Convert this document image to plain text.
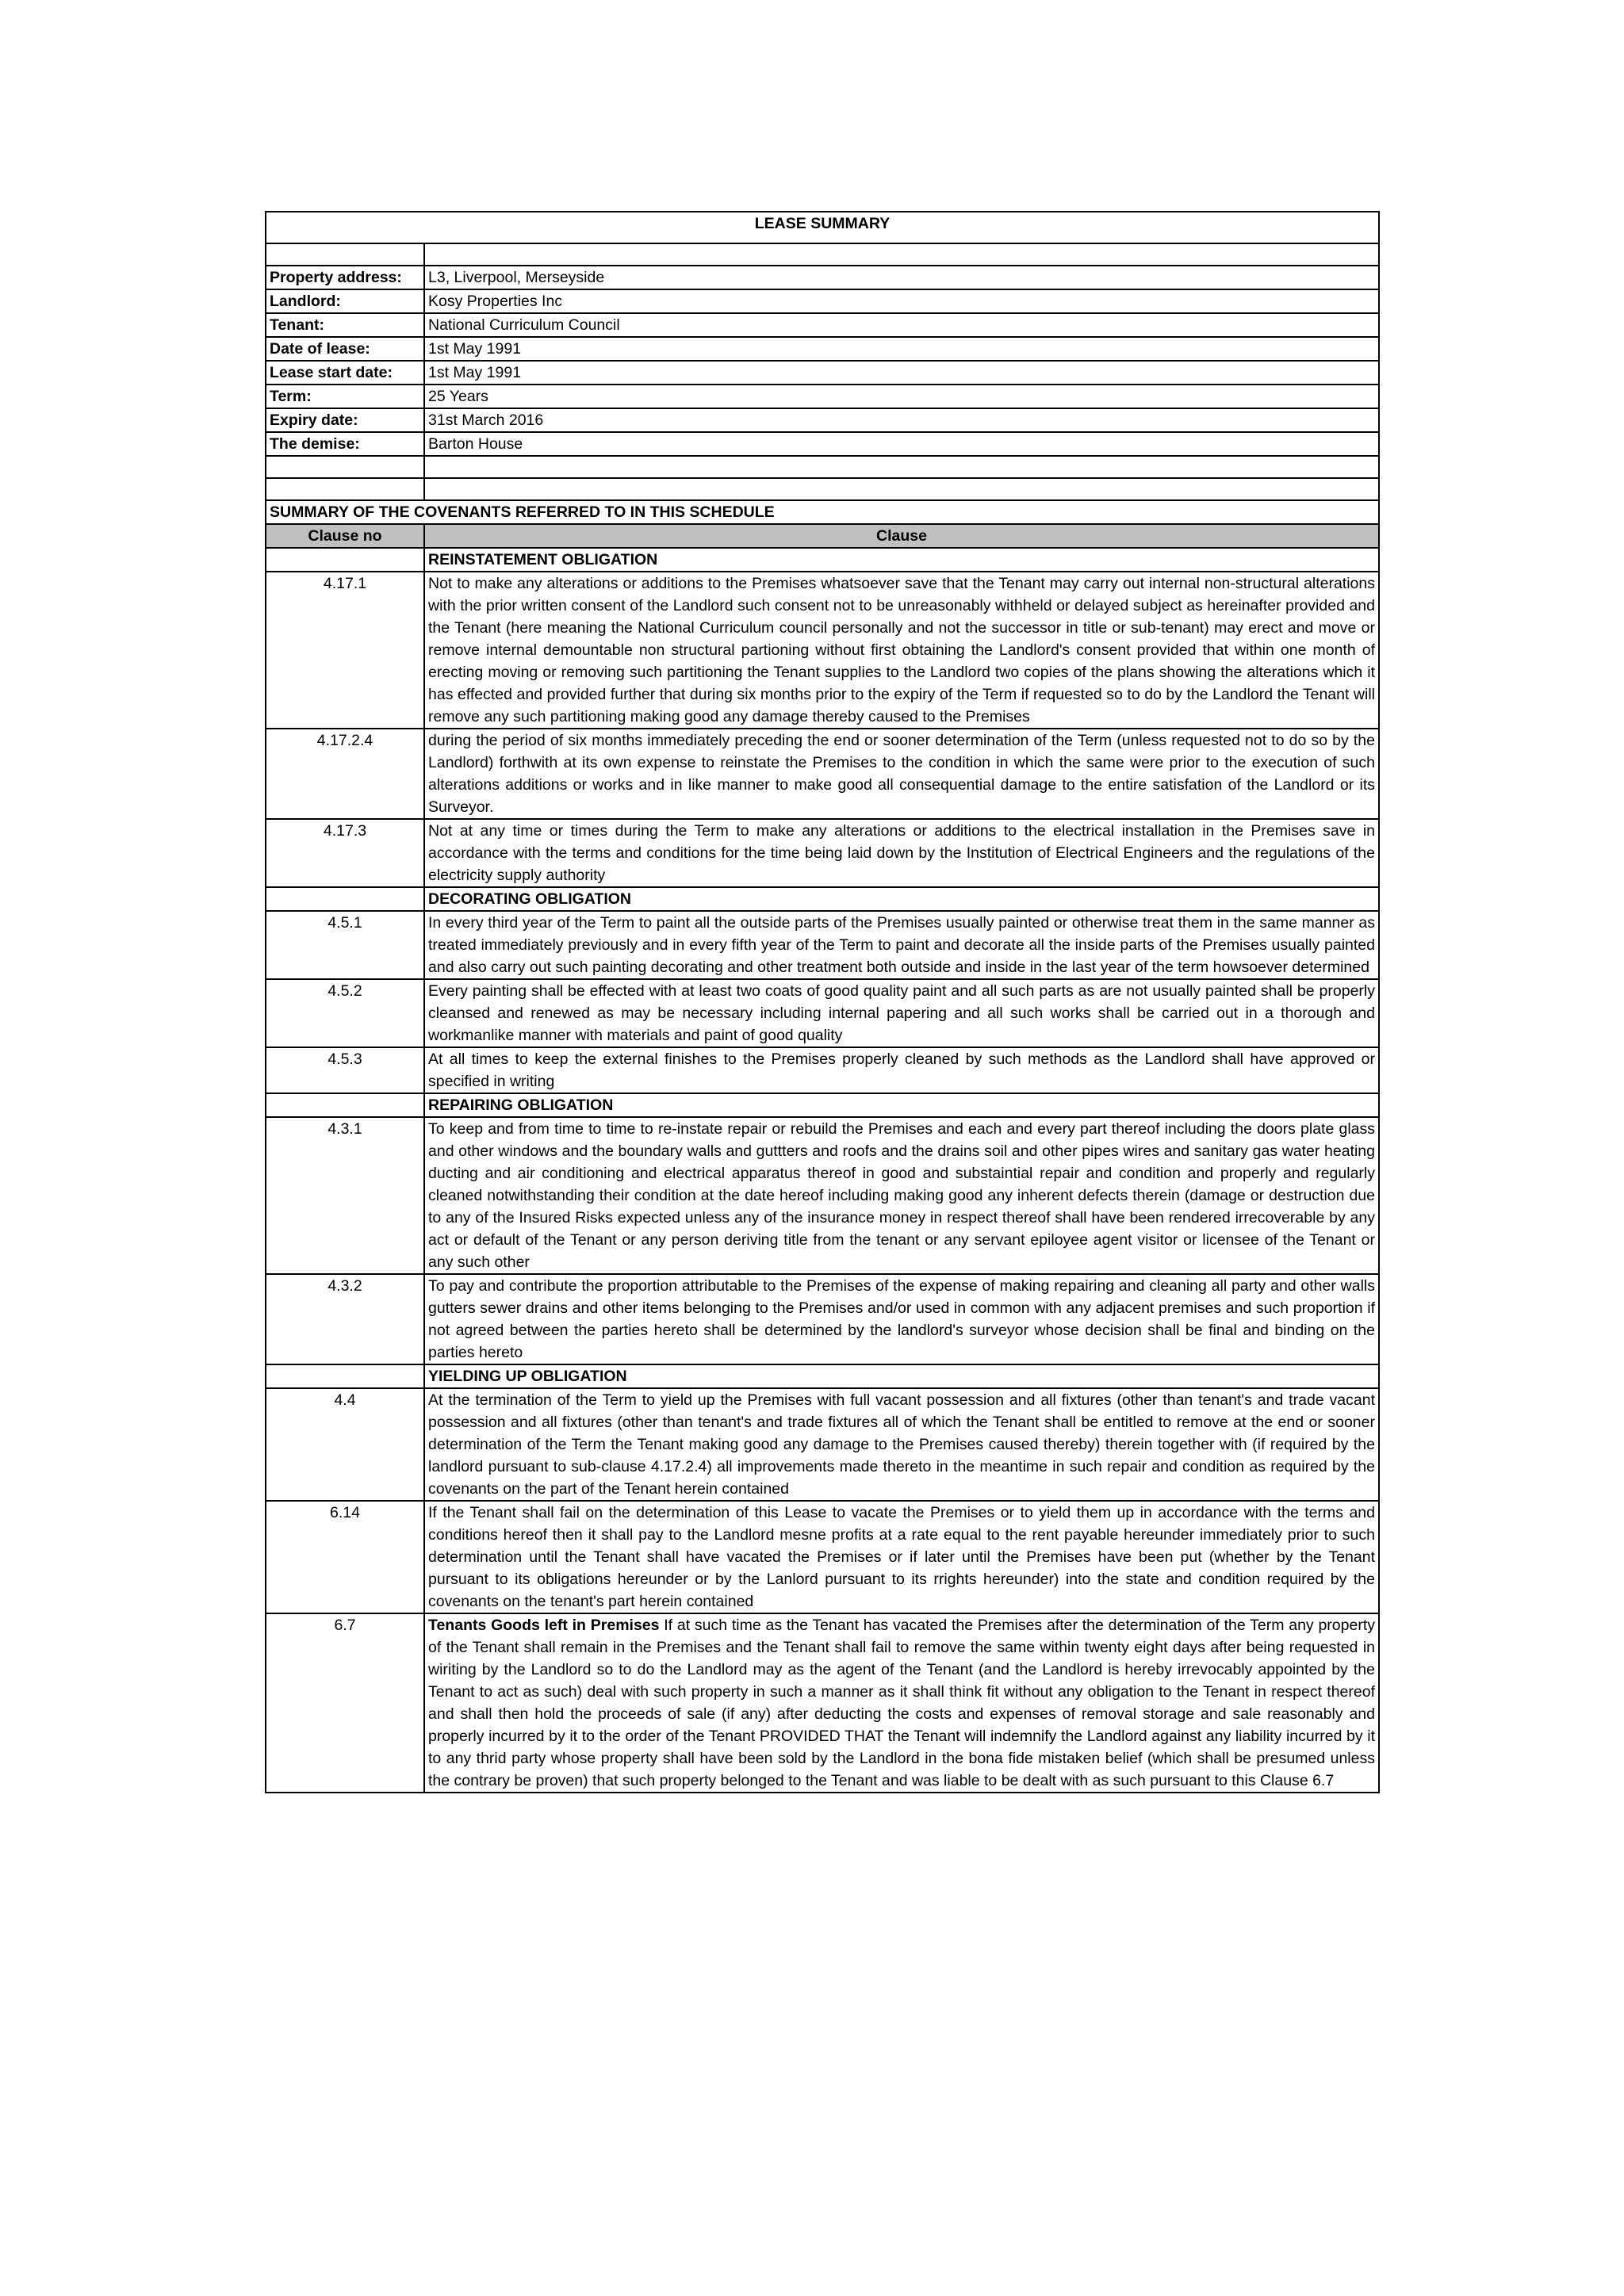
LEASE SUMMARY	

Property address:	L3, Liverpool, Merseyside
Landlord:	Kosy Properties Inc
Tenant:	National Curriculum Council
Date of lease:	1st May 1991
Lease start date:	1st May 1991
Term:	25 Years
Expiry date:	31st March 2016
The demise:	Barton House

SUMMARY OF THE COVENANTS REFERRED TO IN THIS SCHEDULE	
Clause no	Clause
	REINSTATEMENT OBLIGATION
4.17.1	Not to make any alterations or additions to the Premises whatsoever save that the Tenant may carry out internal non-structural alterations with the prior written consent of the Landlord such consent not to be unreasonably withheld or delayed subject as hereinafter provided and the Tenant (here meaning the National Curriculum council personally and not the successor in title or sub-tenant) may erect and move or remove internal demountable non structural partioning without first obtaining the Landlord's consent provided that within one month of erecting moving or removing such partitioning the Tenant supplies to the Landlord two copies of the plans showing the alterations which it has effected and provided further that during six months prior to the expiry of the Term if requested so to do by the Landlord the Tenant will remove any such partitioning making good any damage thereby caused to the Premises
4.17.2.4	during the period of six months immediately preceding the end or sooner determination of the Term (unless requested not to do so by the Landlord) forthwith at its own expense to reinstate the Premises to the condition in which the same were prior to the execution of such alterations additions or works and in like manner to make good all consequential damage to the entire satisfation of the Landlord or its Surveyor.
4.17.3	Not at any time or times during the Term to make any alterations or additions to the electrical installation in the Premises save in accordance with the terms and conditions for the time being laid down by the Institution of Electrical Engineers and the regulations of the electricity supply authority
	DECORATING OBLIGATION
4.5.1	In every third year of the Term to paint all the outside parts of the Premises usually painted or otherwise treat them in the same manner as treated immediately previously and in every fifth year of the Term to paint and decorate all the inside parts of the Premises usually painted and also carry out such painting decorating and other treatment both outside and inside in the last year of the term howsoever determined
4.5.2	Every painting shall be effected with at least two coats of good quality paint and all such parts as are not usually painted shall be properly cleansed and renewed as may be necessary including internal papering and all such works shall be carried out in a thorough and workmanlike manner with materials and paint of good quality
4.5.3	At all times to keep the external finishes to the Premises properly cleaned by such methods as the Landlord shall have approved or specified in writing
	REPAIRING OBLIGATION
4.3.1	To keep and from time to time to re-instate repair or rebuild the Premises and each and every part thereof including the doors plate glass and other windows and the boundary walls and guttters and roofs and the drains soil and other pipes wires and sanitary gas water heating ducting and air conditioning and electrical apparatus thereof in good and substaintial repair and condition and properly and regularly cleaned notwithstanding their condition at the date hereof including making good any inherent defects therein (damage or destruction due to any of the Insured Risks expected unless any of the insurance money in respect thereof shall have been rendered irrecoverable by any act or default of the Tenant or any person deriving title from the tenant or any servant epiloyee agent visitor or licensee of the Tenant or any such other
4.3.2	To pay and contribute the proportion attributable to the Premises of the expense of making repairing and cleaning all party and other walls gutters sewer drains and other items belonging to the Premises and/or used in common with any adjacent premises and such proportion if not agreed between the parties hereto shall be determined by the landlord's surveyor whose decision shall be final and binding on the parties hereto
	YIELDING UP OBLIGATION
4.4	At the termination of the Term to yield up the Premises with full vacant possession and all fixtures (other than tenant's and trade vacant possession and all fixtures (other than tenant's and trade fixtures all of which the Tenant shall be entitled to remove at the end or sooner determination of the Term the Tenant making good any damage to the Premises caused thereby) therein together with (if required by the landlord pursuant to sub-clause 4.17.2.4) all improvements made thereto in the meantime in such repair and condition as required by the covenants on the part of the Tenant herein contained
6.14	If the Tenant shall fail on the determination of this Lease to vacate the Premises or to yield them up in accordance with the terms and conditions hereof then it shall pay to the Landlord mesne profits at a rate equal to the rent payable hereunder immediately prior to such determination until the Tenant shall have vacated the Premises or if later until the Premises have been put (whether by the Tenant pursuant to its obligations hereunder or by the Lanlord pursuant to its rrights hereunder) into the state and condition required by the covenants on the tenant's part herein contained
6.7	Tenants Goods left in Premises If at such time as the Tenant has vacated the Premises after the determination of the Term any property of the Tenant shall remain in the Premises and the Tenant shall fail to remove the same within twenty eight days after being requested in wiriting by the Landlord so to do the Landlord may as the agent of the Tenant (and the Landlord is hereby irrevocably appointed by the Tenant to act as such) deal with such property in such a manner as it shall think fit without any obligation to the Tenant in respect thereof and shall then hold the proceeds of sale (if any) after deducting the costs and expenses of removal storage and sale reasonably and properly incurred by it to the order of the Tenant PROVIDED THAT the Tenant will indemnify the Landlord against any liability incurred by it to any thrid party whose property shall have been sold by the Landlord in the bona fide mistaken belief (which shall be presumed unless the contrary be proven) that such property belonged to the Tenant and was liable to be dealt with as such pursuant to this Clause 6.7
